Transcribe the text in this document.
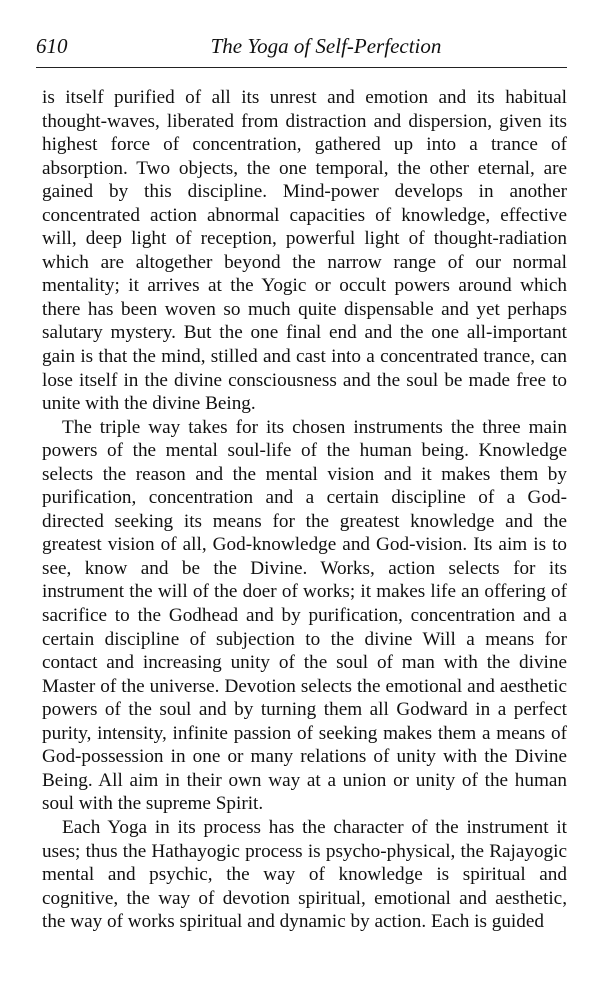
610	The Yoga of Self-Perfection

is itself purified of all its unrest and emotion and its habitual thought-waves, liberated from distraction and dispersion, given its highest force of concentration, gathered up into a trance of absorption. Two objects, the one temporal, the other eternal, are gained by this discipline. Mind-power develops in another concentrated action abnormal capacities of knowledge, effective will, deep light of reception, powerful light of thought-radiation which are altogether beyond the narrow range of our normal mentality; it arrives at the Yogic or occult powers around which there has been woven so much quite dispensable and yet perhaps salutary mystery. But the one final end and the one all-important gain is that the mind, stilled and cast into a concentrated trance, can lose itself in the divine consciousness and the soul be made free to unite with the divine Being.

The triple way takes for its chosen instruments the three main powers of the mental soul-life of the human being. Knowledge selects the reason and the mental vision and it makes them by purification, concentration and a certain discipline of a God-directed seeking its means for the greatest knowledge and the greatest vision of all, God-knowledge and God-vision. Its aim is to see, know and be the Divine. Works, action selects for its instrument the will of the doer of works; it makes life an offering of sacrifice to the Godhead and by purification, concentration and a certain discipline of subjection to the divine Will a means for contact and increasing unity of the soul of man with the divine Master of the universe. Devotion selects the emotional and aesthetic powers of the soul and by turning them all Godward in a perfect purity, intensity, infinite passion of seeking makes them a means of God-possession in one or many relations of unity with the Divine Being. All aim in their own way at a union or unity of the human soul with the supreme Spirit.

Each Yoga in its process has the character of the instrument it uses; thus the Hathayogic process is psycho-physical, the Rajayogic mental and psychic, the way of knowledge is spiritual and cognitive, the way of devotion spiritual, emotional and aesthetic, the way of works spiritual and dynamic by action. Each is guided
